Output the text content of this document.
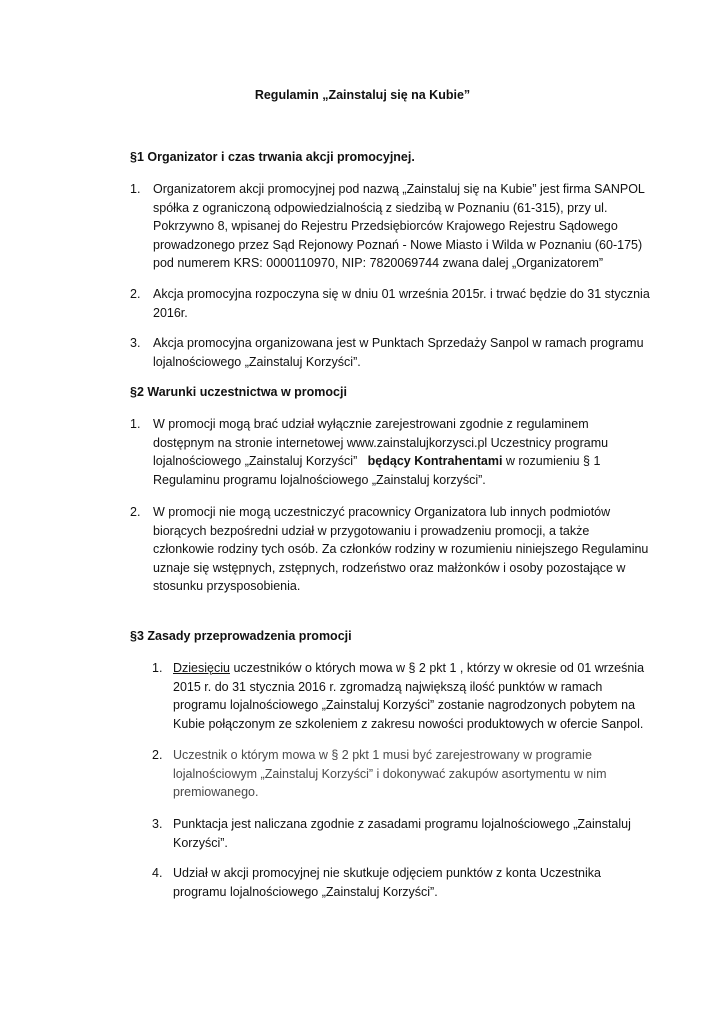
Regulamin „Zainstaluj się na Kubie”
§1 Organizator i czas trwania akcji promocyjnej.
1. Organizatorem akcji promocyjnej pod nazwą „Zainstaluj się na Kubie” jest firma SANPOL
spółka z ograniczoną odpowiedzialnością z siedzibą w Poznaniu (61-315), przy ul.
Pokrzywno 8, wpisanej do Rejestru Przedsiębiorców Krajowego Rejestru Sądowego
prowadzonego przez Sąd Rejonowy Poznań - Nowe Miasto i Wilda w Poznaniu (60-175)
pod numerem KRS: 0000110970, NIP: 7820069744 zwana dalej „Organizatorem”
2. Akcja promocyjna rozpoczyna się w dniu 01 września 2015r. i trwać będzie do 31 stycznia
2016r.
3. Akcja promocyjna organizowana jest w Punktach Sprzedaży Sanpol w ramach programu
lojalnościowego „Zainstaluj Korzyści”.
§2 Warunki uczestnictwa w promocji
1. W promocji mogą brać udział wyłącznie zarejestrowani zgodnie z regulaminem
dostępnym na stronie internetowej www.zainstalujkorzysci.pl Uczestnicy programu
lojalnościowego „Zainstaluj Korzyści” będący Kontrahentami w rozumieniu § 1
Regulaminu programu lojalnościowego „Zainstaluj korzyści”.
2. W promocji nie mogą uczestniczyć pracownicy Organizatora lub innych podmiotów
biorących bezpośredni udział w przygotowaniu i prowadzeniu promocji, a także
członkowie rodziny tych osób. Za członków rodziny w rozumieniu niniejszego Regulaminu
uznaje się wstępnych, zstępnych, rodzeństwo oraz małżonków i osoby pozostające w
stosunku przysposobienia.
§3 Zasady przeprowadzenia promocji
1. Dziesięciu uczestników o których mowa w § 2 pkt 1 , którzy w okresie od 01 września
2015 r. do 31 stycznia 2016 r. zgromadzą największą ilość punktów w ramach
programu lojalnościowego „Zainstaluj Korzyści” zostanie nagrodzonych pobytem na
Kubie połączonym ze szkoleniem z zakresu nowości produktowych w ofercie Sanpol.
2. Uczestnik o którym mowa w § 2 pkt 1 musi być zarejestrowany w programie
lojalnościowym „Zainstaluj Korzyści” i dokonywać zakupów asortymentu w nim
premiowanego.
3. Punktacja jest naliczana zgodnie z zasadami programu lojalnościowego „Zainstaluj
Korzyści”.
4. Udział w akcji promocyjnej nie skutkuje odjęciem punktów z konta Uczestnika
programu lojalnościowego „Zainstaluj Korzyści”.
